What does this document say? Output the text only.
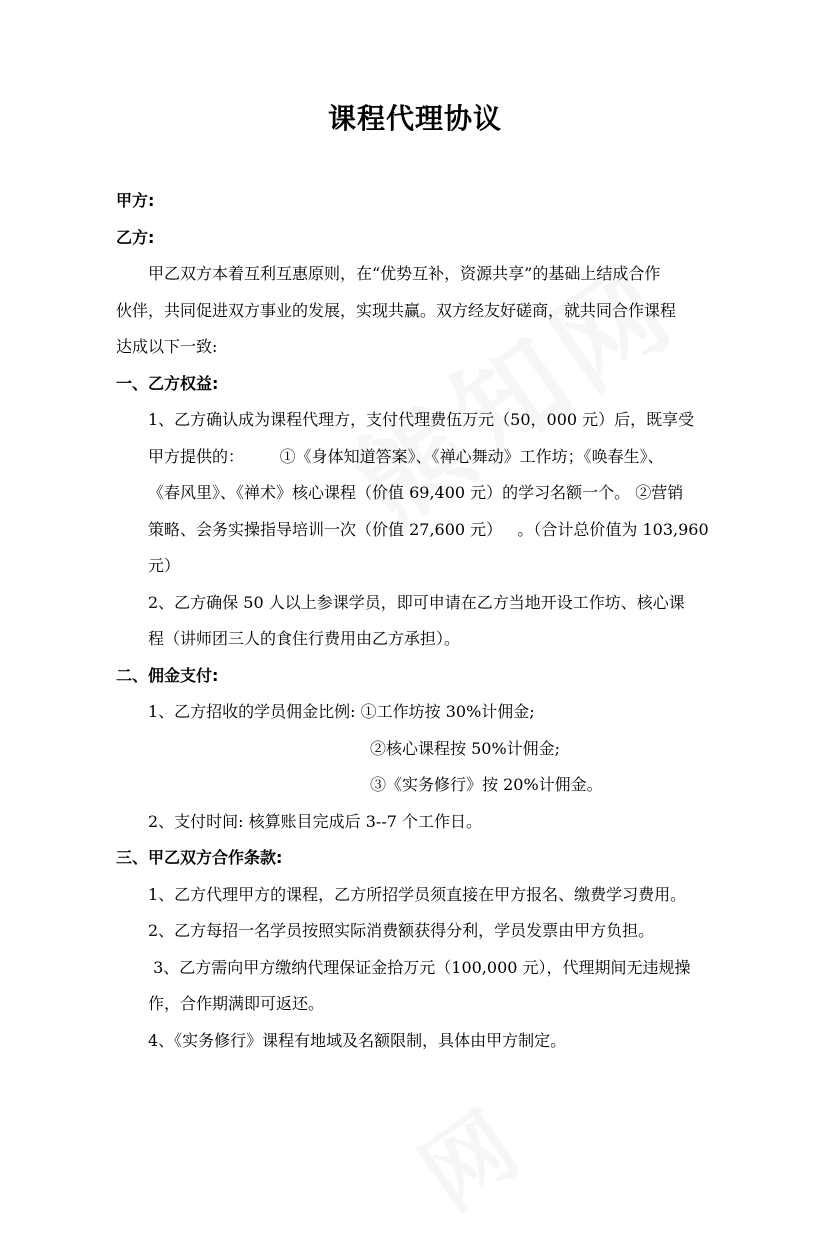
课程代理协议
甲方:
乙方:
甲乙双方本着互利互惠原则，在“优势互补，资源共享”的基础上结成合作
伙伴，共同促进双方事业的发展，实现共赢。双方经友好磋商，就共同合作课程
达成以下一致:
一、乙方权益:
1、乙方确认成为课程代理方，支付代理费伍万元（50，000 元）后，既享受
甲方提供的：       ①《身体知道答案》、《禅心舞动》工作坊；《唤春生》、
《春风里》、《禅术》核心课程（价值 69,400 元）的学习名额一个。 ②营销
策略、会务实操指导培训一次（价值 27,600 元）   。（合计总价值为 103,960
元）
2、乙方确保 50 人以上参课学员，即可申请在乙方当地开设工作坊、核心课
程（讲师团三人的食住行费用由乙方承担）。
二、佣金支付:
1、乙方招收的学员佣金比例: ①工作坊按 30%计佣金;
②核心课程按 50%计佣金;
③《实务修行》按 20%计佣金。
2、支付时间: 核算账目完成后 3--7 个工作日。
三、甲乙双方合作条款:
1、乙方代理甲方的课程，乙方所招学员须直接在甲方报名、缴费学习费用。
2、乙方每招一名学员按照实际消费额获得分利，学员发票由甲方负担。
3、乙方需向甲方缴纳代理保证金拾万元（100,000 元），代理期间无违规操
作，合作期满即可返还。
4、《实务修行》课程有地域及名额限制，具体由甲方制定。
